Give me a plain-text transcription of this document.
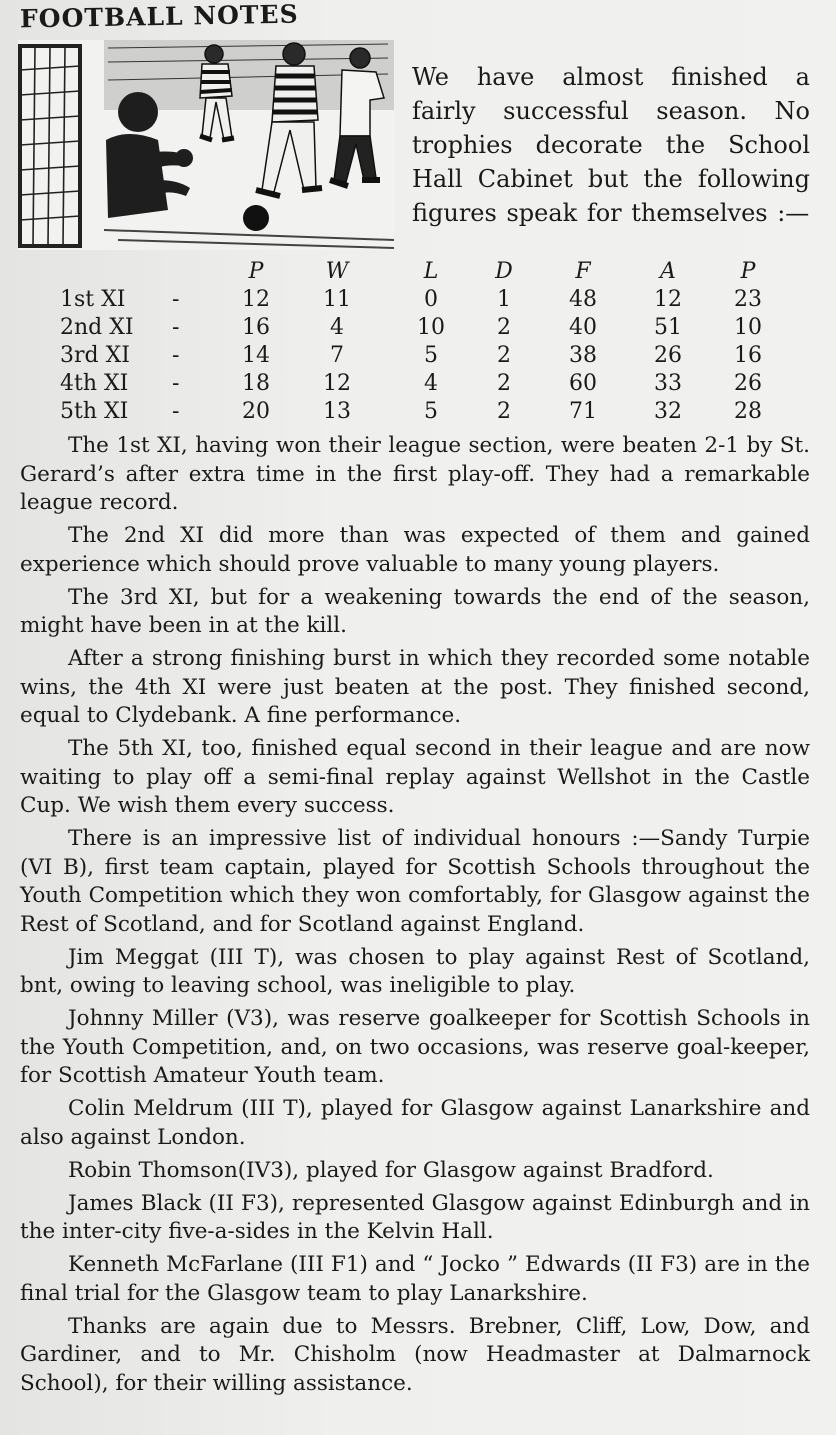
FOOTBALL NOTES
We have almost finished a fairly successful season. No trophies decorate the School Hall Cabinet but the following figures speak for themselves :—
		P	W	L	D	F	A	P
1st XI	-	12	11	0	1	48	12	23
2nd XI	-	16	4	10	2	40	51	10
3rd XI	-	14	7	5	2	38	26	16
4th XI	-	18	12	4	2	60	33	26
5th XI	-	20	13	5	2	71	32	28

The 1st XI, having won their league section, were beaten 2-1 by St. Gerard’s after extra time in the first play-off. They had a remarkable league record.

The 2nd XI did more than was expected of them and gained experience which should prove valuable to many young players.

The 3rd XI, but for a weakening towards the end of the season, might have been in at the kill.

After a strong finishing burst in which they recorded some notable wins, the 4th XI were just beaten at the post. They finished second, equal to Clydebank. A fine performance.

The 5th XI, too, finished equal second in their league and are now waiting to play off a semi-final replay against Wellshot in the Castle Cup. We wish them every success.

There is an impressive list of individual honours :—Sandy Turpie (VI B), first team captain, played for Scottish Schools throughout the Youth Competition which they won comfortably, for Glasgow against the Rest of Scotland, and for Scotland against England.

Jim Meggat (III T), was chosen to play against Rest of Scotland, bnt, owing to leaving school, was ineligible to play.

Johnny Miller (V3), was reserve goalkeeper for Scottish Schools in the Youth Competition, and, on two occasions, was reserve goal-keeper, for Scottish Amateur Youth team.

Colin Meldrum (III T), played for Glasgow against Lanarkshire and also against London.

Robin Thomson(IV3), played for Glasgow against Bradford.

James Black (II F3), represented Glasgow against Edinburgh and in the inter-city five-a-sides in the Kelvin Hall.

Kenneth McFarlane (III F1) and “ Jocko ” Edwards (II F3) are in the final trial for the Glasgow team to play Lanarkshire.

Thanks are again due to Messrs. Brebner, Cliff, Low, Dow, and Gardiner, and to Mr. Chisholm (now Headmaster at Dalmarnock School), for their willing assistance.
